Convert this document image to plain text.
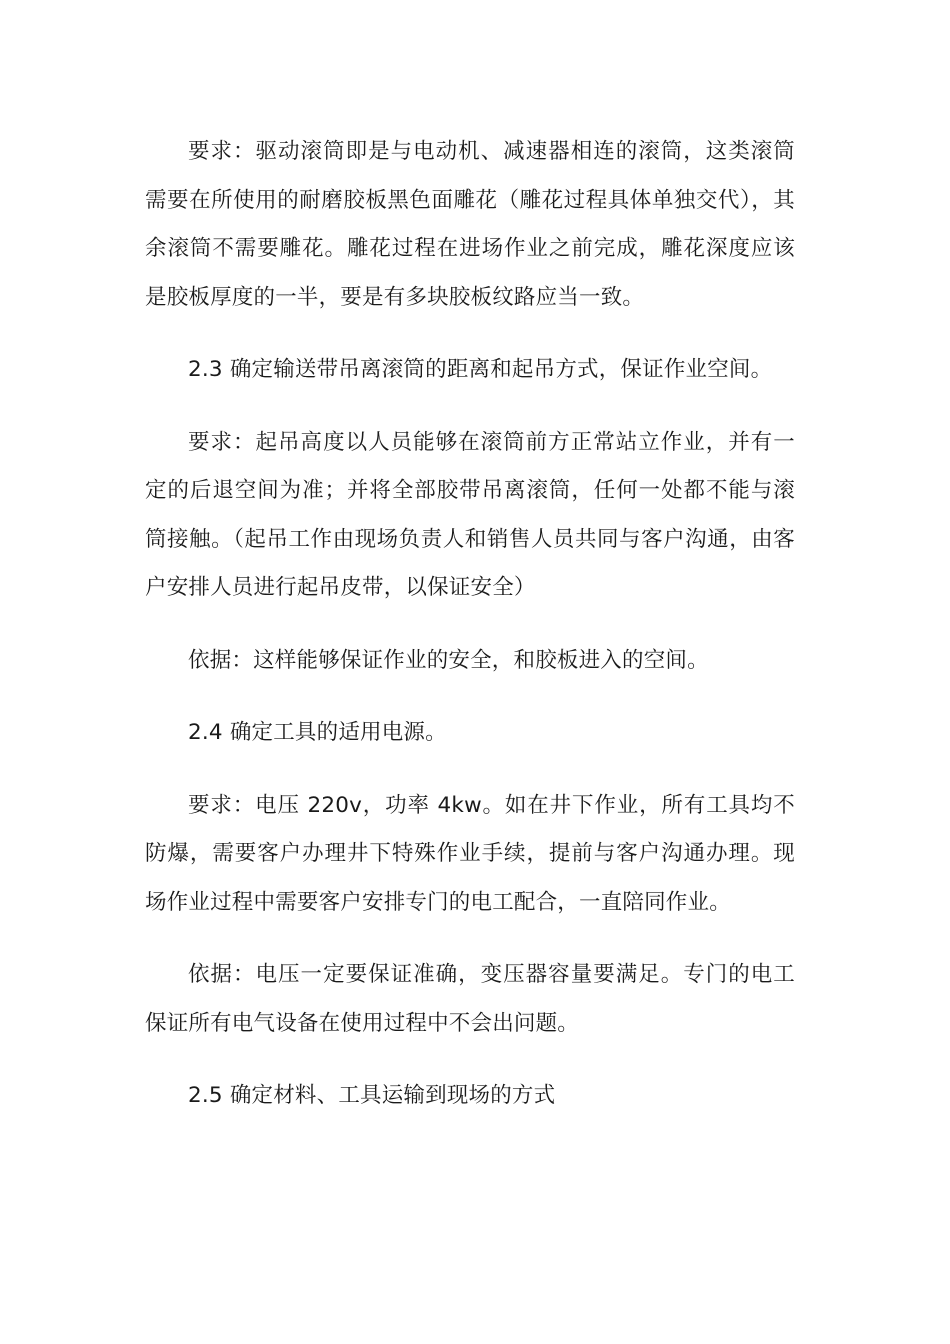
要求：驱动滚筒即是与电动机、减速器相连的滚筒，这类滚筒需要在所使用的耐磨胶板黑色面雕花（雕花过程具体单独交代），其余滚筒不需要雕花。雕花过程在进场作业之前完成，雕花深度应该是胶板厚度的一半，要是有多块胶板纹路应当一致。

2.3 确定输送带吊离滚筒的距离和起吊方式，保证作业空间。

要求：起吊高度以人员能够在滚筒前方正常站立作业，并有一定的后退空间为准；并将全部胶带吊离滚筒，任何一处都不能与滚筒接触。（起吊工作由现场负责人和销售人员共同与客户沟通，由客户安排人员进行起吊皮带，以保证安全）

依据：这样能够保证作业的安全，和胶板进入的空间。

2.4 确定工具的适用电源。

要求：电压 220v，功率 4kw。如在井下作业，所有工具均不防爆，需要客户办理井下特殊作业手续，提前与客户沟通办理。现场作业过程中需要客户安排专门的电工配合，一直陪同作业。

依据：电压一定要保证准确，变压器容量要满足。专门的电工保证所有电气设备在使用过程中不会出问题。

2.5 确定材料、工具运输到现场的方式
